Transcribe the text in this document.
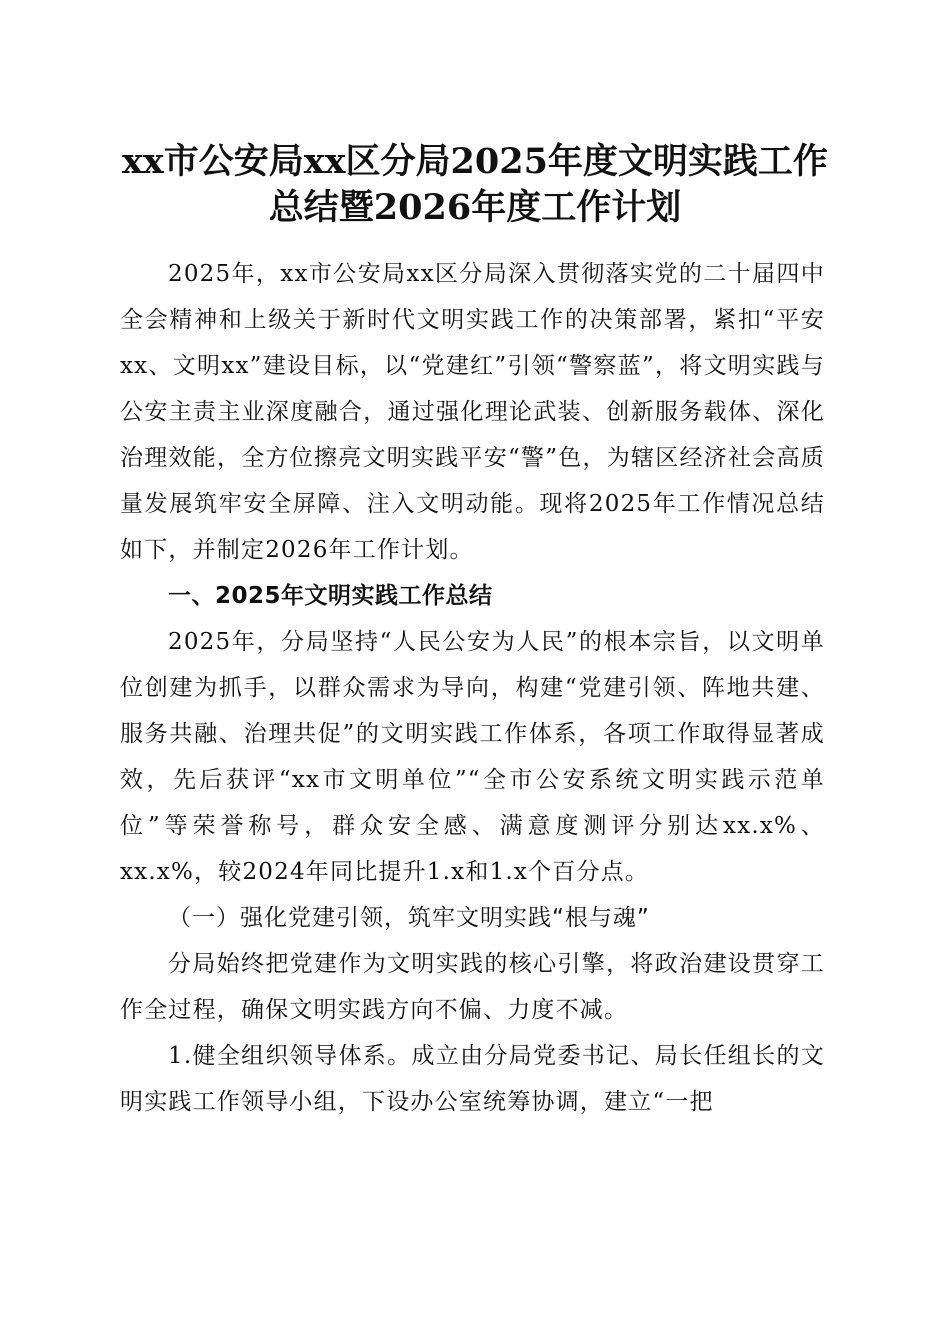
xx市公安局xx区分局2025年度文明实践工作
总结暨2026年度工作计划

2025年，xx市公安局xx区分局深入贯彻落实党的二十届四中全会精神和上级关于新时代文明实践工作的决策部署，紧扣“平安xx、文明xx”建设目标，以“党建红”引领“警察蓝”，将文明实践与公安主责主业深度融合，通过强化理论武装、创新服务载体、深化治理效能，全方位擦亮文明实践平安“警”色，为辖区经济社会高质量发展筑牢安全屏障、注入文明动能。现将2025年工作情况总结如下，并制定2026年工作计划。

一、2025年文明实践工作总结

2025年，分局坚持“人民公安为人民”的根本宗旨，以文明单位创建为抓手，以群众需求为导向，构建“党建引领、阵地共建、服务共融、治理共促”的文明实践工作体系，各项工作取得显著成效，先后获评“xx市文明单位”“全市公安系统文明实践示范单位”等荣誉称号，群众安全感、满意度测评分别达xx.x%、xx.x%，较2024年同比提升1.x和1.x个百分点。

（一）强化党建引领，筑牢文明实践“根与魂”

分局始终把党建作为文明实践的核心引擎，将政治建设贯穿工作全过程，确保文明实践方向不偏、力度不减。

1.健全组织领导体系。成立由分局党委书记、局长任组长的文明实践工作领导小组，下设办公室统筹协调，建立“一把
